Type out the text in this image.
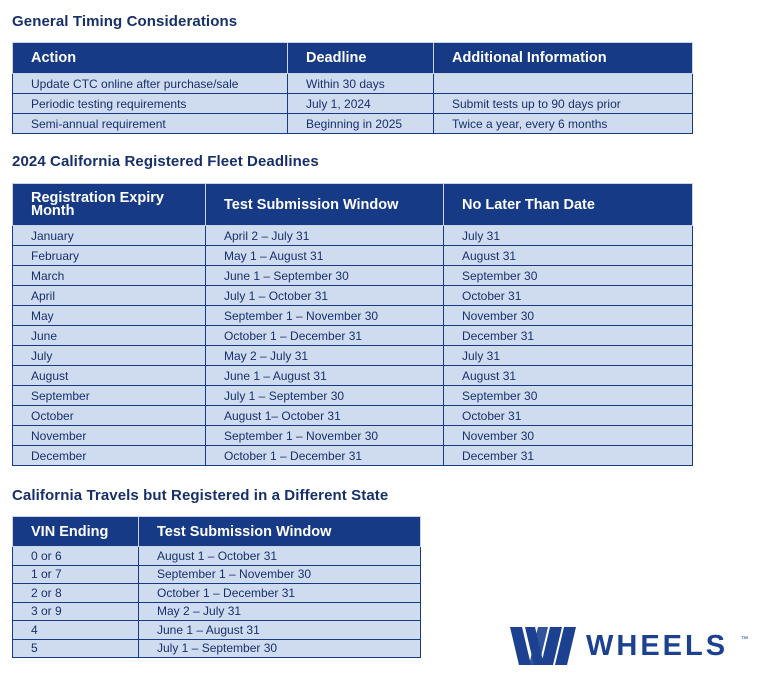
General Timing Considerations
Action	Deadline	Additional Information
Update CTC online after purchase/sale	Within 30 days	
Periodic testing requirements	July 1, 2024	Submit tests up to 90 days prior
Semi-annual requirement	Beginning in 2025	Twice a year, every 6 months
2024 California Registered Fleet Deadlines
Registration Expiry Month	Test Submission Window	No Later Than Date
January	April 2 – July 31	July 31
February	May 1 – August 31	August 31
March	June 1 – September 30	September 30
April	July 1 – October 31	October 31
May	September 1 – November 30	November 30
June	October 1 – December 31	December 31
July	May 2 – July 31	July 31
August	June 1 – August 31	August 31
September	July 1 – September 30	September 30
October	August 1– October 31	October 31
November	September 1 – November 30	November 30
December	October 1 – December 31	December 31
California Travels but Registered in a Different State
VIN Ending	Test Submission Window
0 or 6	August 1 – October 31
1 or 7	September 1 – November 30
2 or 8	October 1 – December 31
3 or 9	May 2 – July 31
4	June 1 – August 31
5	July 1 – September 30	WHEELS ™
